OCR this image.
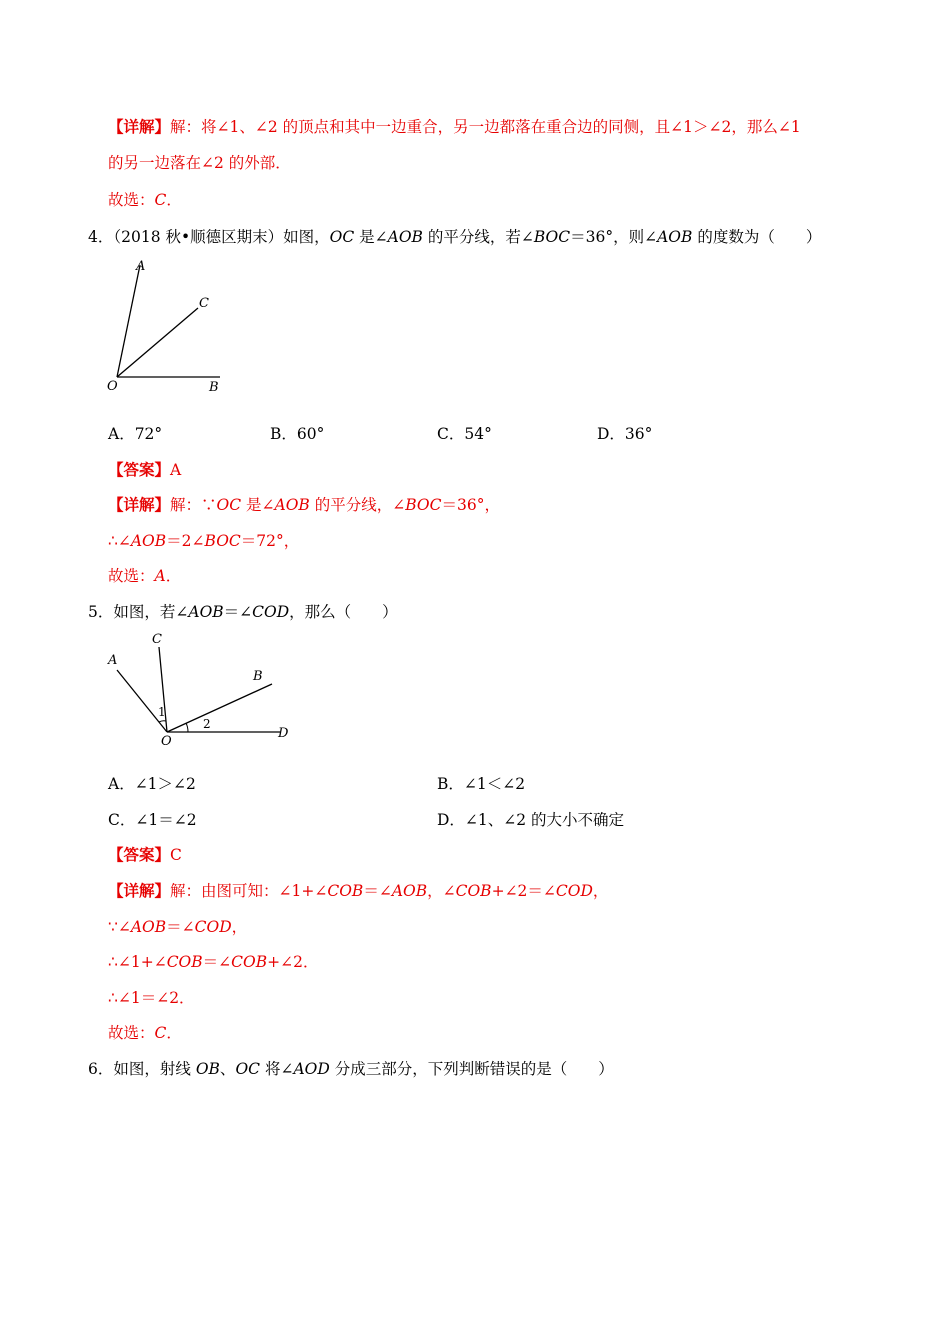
【详解】解：将∠1、∠2 的顶点和其中一边重合，另一边都落在重合边的同侧，且∠1＞∠2，那么∠1
的另一边落在∠2 的外部．
故选：C．
4．（2018 秋•顺德区期末）如图，OC 是∠AOB 的平分线，若∠BOC＝36°，则∠AOB 的度数为（　　）
A
C
O	B
A．72°	B．60°	C．54°	D．36°
【答案】A
【详解】解：∵OC 是∠AOB 的平分线，∠BOC＝36°，
∴∠AOB＝2∠BOC＝72°，
故选：A．
5．如图，若∠AOB＝∠COD，那么（　　）
A
C
B
O
D
1
2
A．∠1＞∠2	B．∠1＜∠2
C．∠1＝∠2	D．∠1、∠2 的大小不确定
【答案】C
【详解】解：由图可知：∠1+∠COB＝∠AOB，∠COB+∠2＝∠COD，
∵∠AOB＝∠COD，
∴∠1+∠COB＝∠COB+∠2．
∴∠1＝∠2．
故选：C．
6．如图，射线 OB、OC 将∠AOD 分成三部分，下列判断错误的是（　　）
